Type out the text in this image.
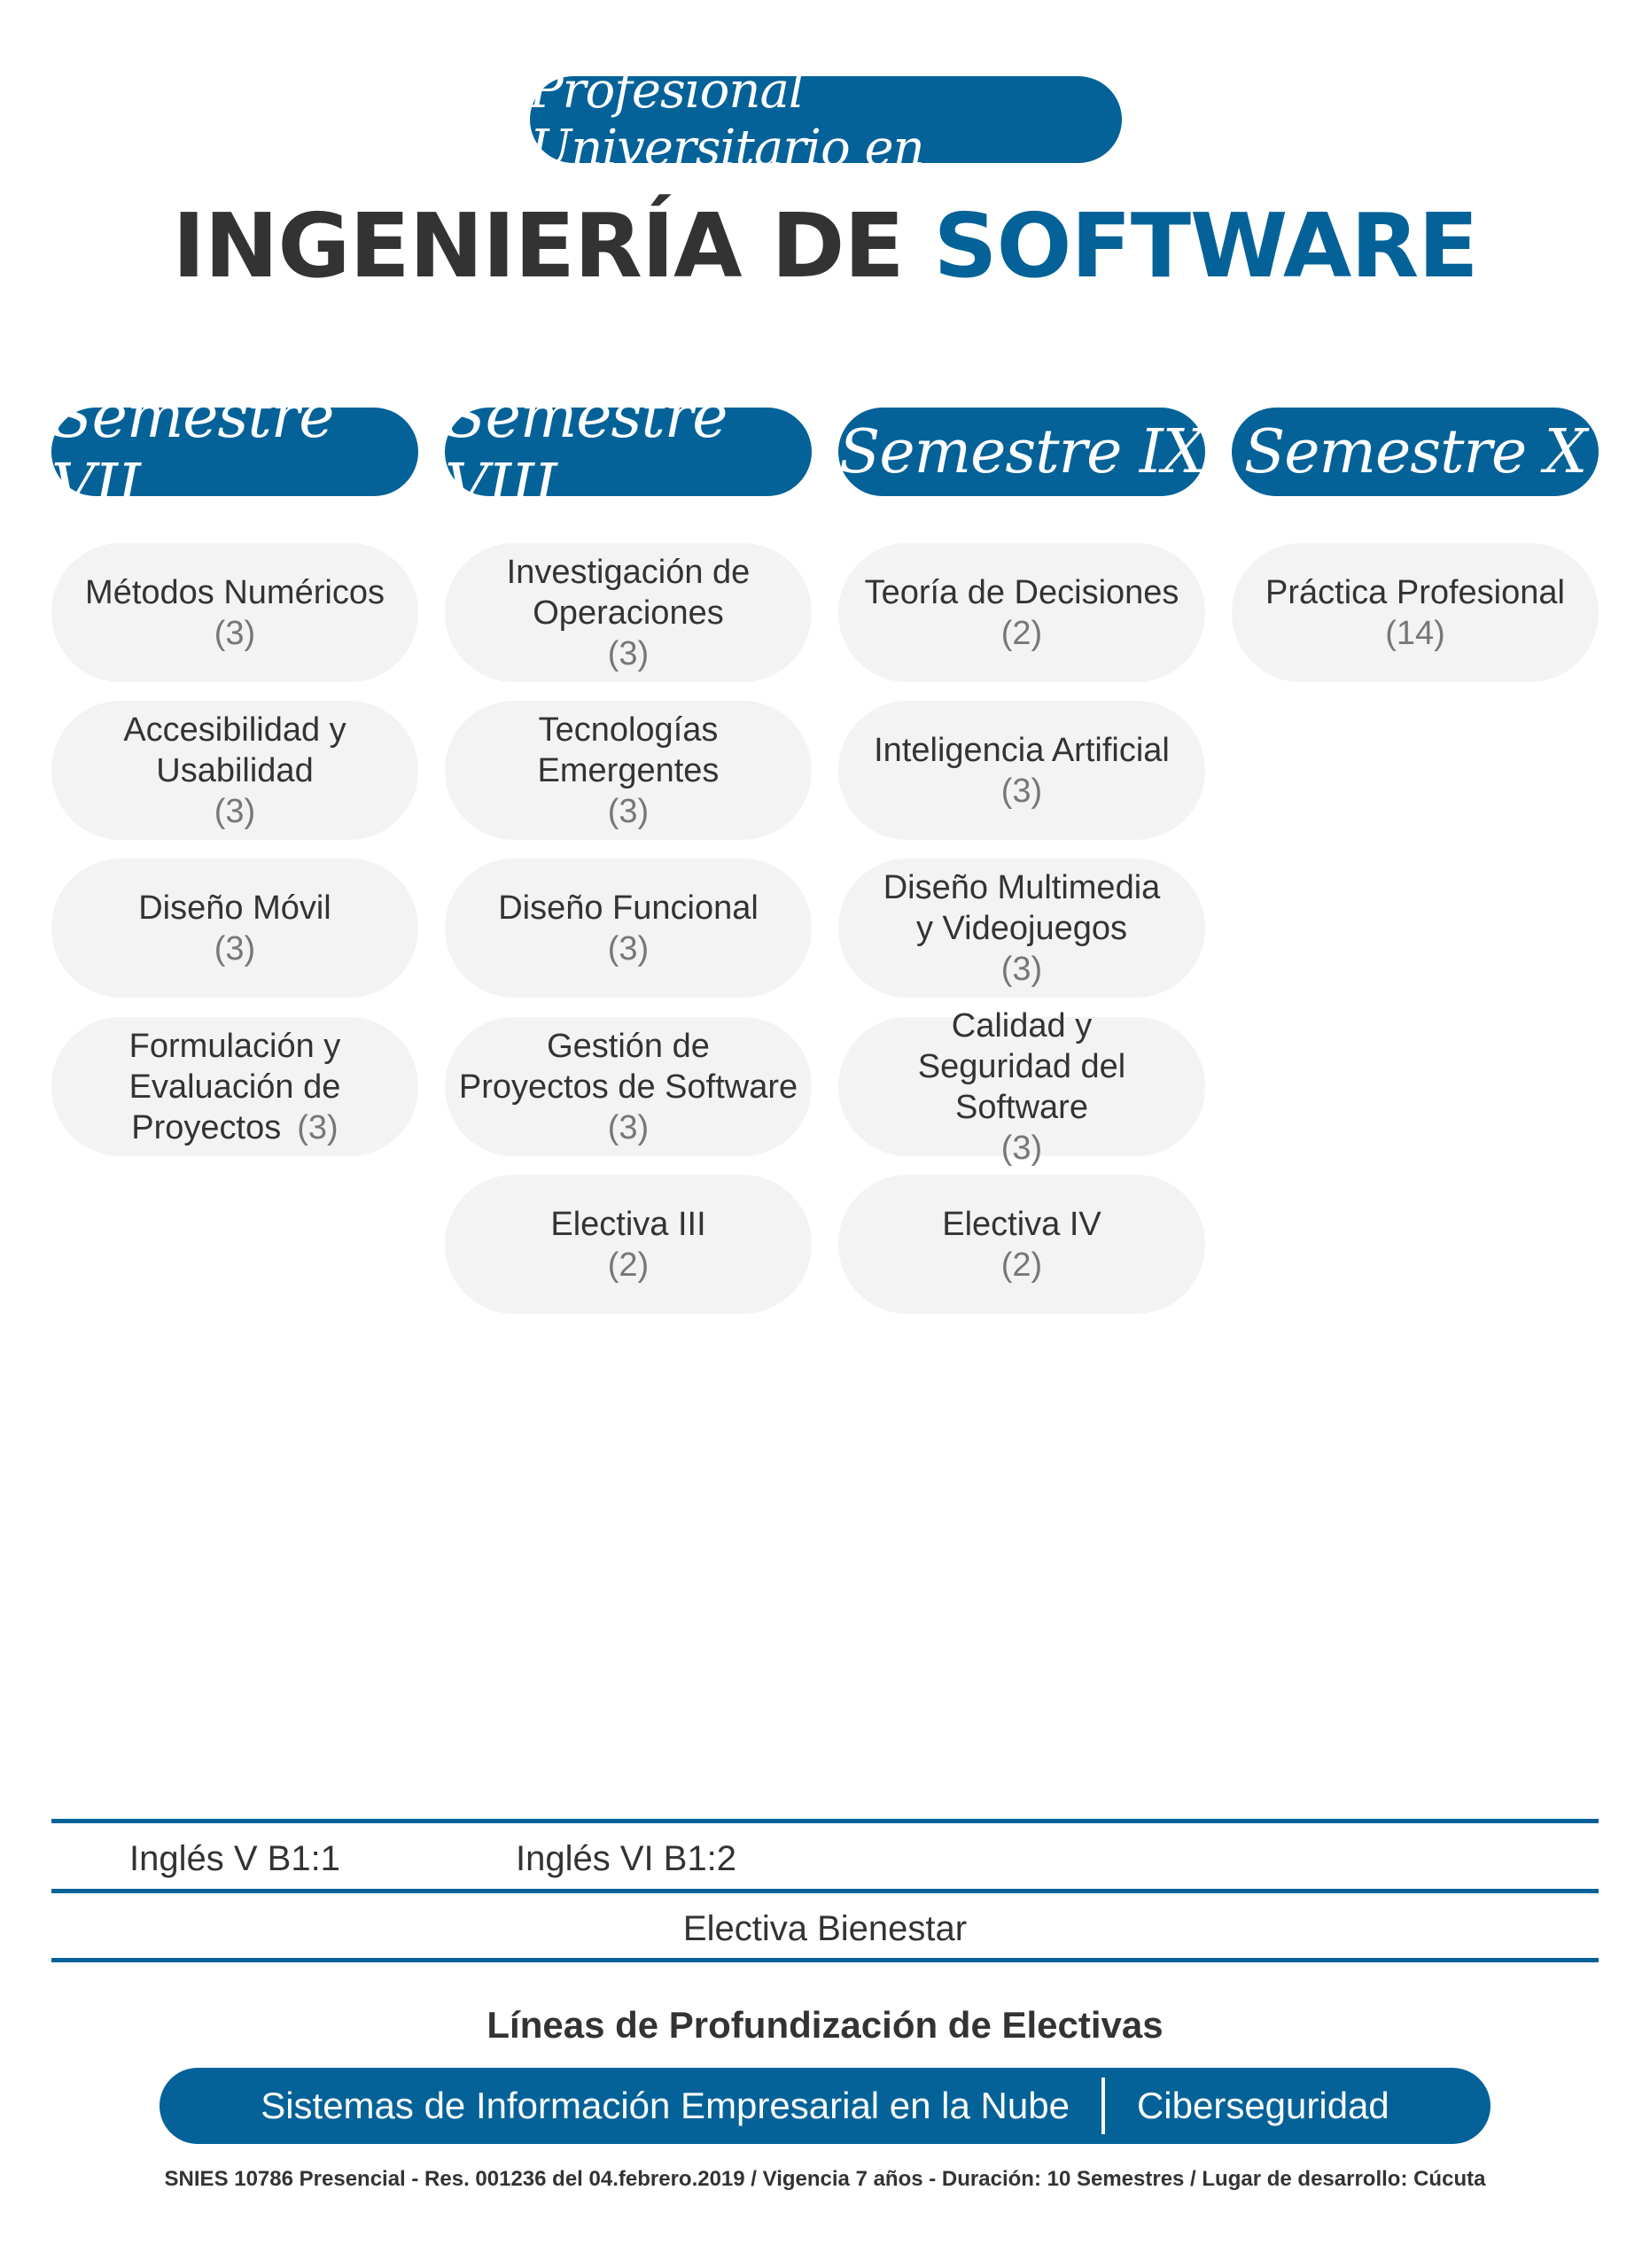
Profesional Universitario en
INGENIERÍA DE SOFTWARE
Semestre VII
Semestre VIII	Semestre IX Semestre X
Métodos Numéricos
(3)
Accesibilidad y
Usabilidad
(3)
Diseño Móvil
(3)
Formulación y
Evaluación de
Proyectos (3)
Investigación de
Operaciones
(3)
Tecnologías
Emergentes
(3)
Diseño Funcional
(3)
Gestión de
Proyectos de Software
(3)
Electiva III
(2)
Teoría de Decisiones
(2)
Inteligencia Artificial
(3)
Diseño Multimedia
y Videojuegos
(3)
Calidad y
Seguridad del Software
(3)
Electiva IV
(2)
Práctica Profesional
(14)
Inglés V B1:1	Inglés VI B1:2
Electiva Bienestar
Líneas de Profundización de Electivas
Sistemas de Información Empresarial en la Nube Ciberseguridad
SNIES 10786 Presencial - Res. 001236 del 04.febrero.2019 / Vigencia 7 años - Duración: 10 Semestres / Lugar de desarrollo: Cúcuta
